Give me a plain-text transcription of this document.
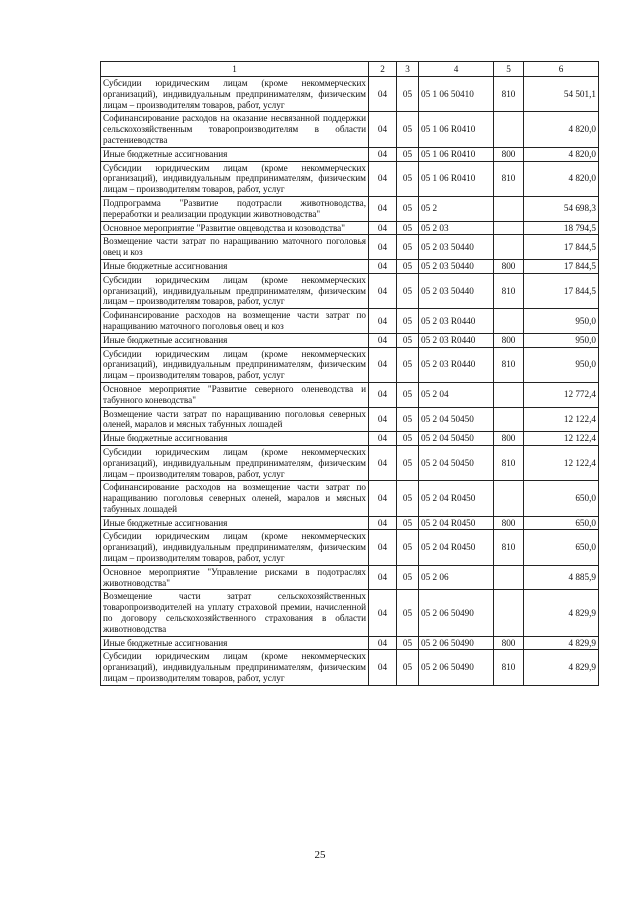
1	2	3	4	5	6
Субсидии юридическим лицам (кроме некоммерческих организаций), индивидуальным предпринимателям, физическим лицам – производителям товаров, работ, услуг	04	05	05 1 06 50410	810	54 501,1
Софинансирование расходов на оказание несвязанной поддержки сельскохозяйственным товаропроизводителям в области растениеводства	04	05	05 1 06 R0410		4 820,0
Иные бюджетные ассигнования	04	05	05 1 06 R0410	800	4 820,0
Субсидии юридическим лицам (кроме некоммерческих организаций), индивидуальным предпринимателям, физическим лицам – производителям товаров, работ, услуг	04	05	05 1 06 R0410	810	4 820,0
Подпрограмма "Развитие подотрасли животноводства, переработки и реализации продукции животноводства"	04	05	05 2		54 698,3
Основное мероприятие "Развитие овцеводства и козоводства"	04	05	05 2 03		18 794,5
Возмещение части затрат по наращиванию маточного поголовья овец и коз	04	05	05 2 03 50440		17 844,5
Иные бюджетные ассигнования	04	05	05 2 03 50440	800	17 844,5
Субсидии юридическим лицам (кроме некоммерческих организаций), индивидуальным предпринимателям, физическим лицам – производителям товаров, работ, услуг	04	05	05 2 03 50440	810	17 844,5
Софинансирование расходов на возмещение части затрат по наращиванию маточного поголовья овец и коз	04	05	05 2 03 R0440		950,0
Иные бюджетные ассигнования	04	05	05 2 03 R0440	800	950,0
Субсидии юридическим лицам (кроме некоммерческих организаций), индивидуальным предпринимателям, физическим лицам – производителям товаров, работ, услуг	04	05	05 2 03 R0440	810	950,0
Основное мероприятие "Развитие северного оленеводства и табунного коневодства"	04	05	05 2 04		12 772,4
Возмещение части затрат по наращиванию поголовья северных оленей, маралов и мясных табунных лошадей	04	05	05 2 04 50450		12 122,4
Иные бюджетные ассигнования	04	05	05 2 04 50450	800	12 122,4
Субсидии юридическим лицам (кроме некоммерческих организаций), индивидуальным предпринимателям, физическим лицам – производителям товаров, работ, услуг	04	05	05 2 04 50450	810	12 122,4
Софинансирование расходов на возмещение части затрат по наращиванию поголовья северных оленей, маралов и мясных табунных лошадей	04	05	05 2 04 R0450		650,0
Иные бюджетные ассигнования	04	05	05 2 04 R0450	800	650,0
Субсидии юридическим лицам (кроме некоммерческих организаций), индивидуальным предпринимателям, физическим лицам – производителям товаров, работ, услуг	04	05	05 2 04 R0450	810	650,0
Основное мероприятие "Управление рисками в подотраслях животноводства"	04	05	05 2 06		4 885,9
Возмещение части затрат сельскохозяйственных товаропроизводителей на уплату страховой премии, начисленной по договору сельскохозяйственного страхования в области животноводства	04	05	05 2 06 50490		4 829,9
Иные бюджетные ассигнования	04	05	05 2 06 50490	800	4 829,9
Субсидии юридическим лицам (кроме некоммерческих организаций), индивидуальным предпринимателям, физическим лицам – производителям товаров, работ, услуг	04	05	05 2 06 50490	810	4 829,9
25
